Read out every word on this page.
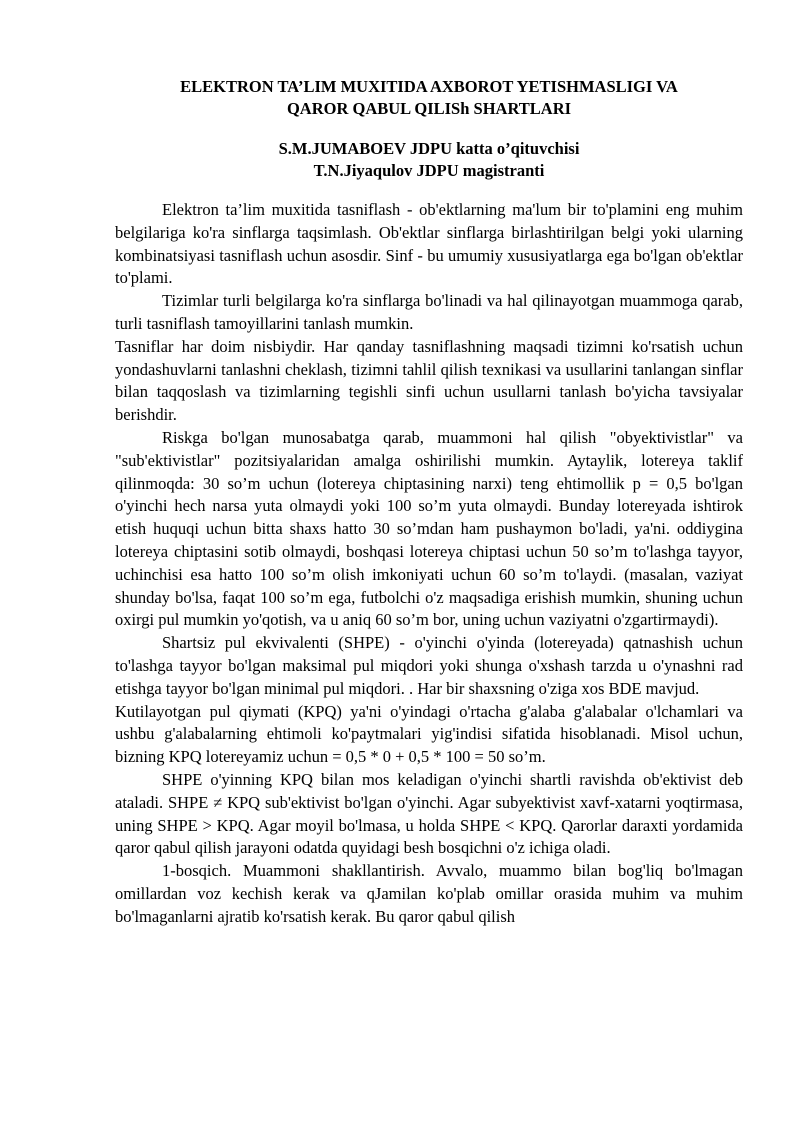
ELEKTRON TA’LIM MUXITIDA AXBOROT YETISHMASLIGI VA
QAROR QABUL QILISh SHARTLARI
S.M.JUMABOEV JDPU katta o’qituvchisi
T.N.Jiyaqulov JDPU magistranti

Elektron ta’lim muxitida tasniflash - ob'ektlarning ma'lum bir to'plamini eng muhim belgilariga ko'ra sinflarga taqsimlash. Ob'ektlar sinflarga birlashtirilgan belgi yoki ularning kombinatsiyasi tasniflash uchun asosdir. Sinf - bu umumiy xususiyatlarga ega bo'lgan ob'ektlar to'plami.

Tizimlar turli belgilarga ko'ra sinflarga bo'linadi va hal qilinayotgan muammoga qarab, turli tasniflash tamoyillarini tanlash mumkin.

Tasniflar har doim nisbiydir. Har qanday tasniflashning maqsadi tizimni ko'rsatish uchun yondashuvlarni tanlashni cheklash, tizimni tahlil qilish texnikasi va usullarini tanlangan sinflar bilan taqqoslash va tizimlarning tegishli sinfi uchun usullarni tanlash bo'yicha tavsiyalar berishdir.

Riskga bo'lgan munosabatga qarab, muammoni hal qilish "obyektivistlar" va "sub'ektivistlar" pozitsiyalaridan amalga oshirilishi mumkin. Aytaylik, lotereya taklif qilinmoqda: 30 so’m uchun (lotereya chiptasining narxi) teng ehtimollik p = 0,5 bo'lgan o'yinchi hech narsa yuta olmaydi yoki 100 so’m yuta olmaydi. Bunday lotereyada ishtirok etish huquqi uchun bitta shaxs hatto 30 so’mdan ham pushaymon bo'ladi, ya'ni. oddiygina lotereya chiptasini sotib olmaydi, boshqasi lotereya chiptasi uchun 50 so’m to'lashga tayyor, uchinchisi esa hatto 100 so’m olish imkoniyati uchun 60 so’m to'laydi. (masalan, vaziyat shunday bo'lsa, faqat 100 so’m ega, futbolchi o'z maqsadiga erishish mumkin, shuning uchun oxirgi pul mumkin yo'qotish, va u aniq 60 so’m bor, uning uchun vaziyatni o'zgartirmaydi).

Shartsiz pul ekvivalenti (SHPE) - o'yinchi o'yinda (lotereyada) qatnashish uchun to'lashga tayyor bo'lgan maksimal pul miqdori yoki shunga o'xshash tarzda u o'ynashni rad etishga tayyor bo'lgan minimal pul miqdori. . Har bir shaxsning o'ziga xos BDE mavjud.

Kutilayotgan pul qiymati (KPQ) ya'ni o'yindagi o'rtacha g'alaba g'alabalar o'lchamlari va ushbu g'alabalarning ehtimoli ko'paytmalari yig'indisi sifatida hisoblanadi. Misol uchun, bizning KPQ lotereyamiz uchun = 0,5 * 0 + 0,5 * 100 = 50 so’m.

SHPE o'yinning KPQ bilan mos keladigan o'yinchi shartli ravishda ob'ektivist deb ataladi. SHPE ≠ KPQ sub'ektivist bo'lgan o'yinchi. Agar subyektivist xavf-xatarni yoqtirmasa, uning SHPE > KPQ. Agar moyil bo'lmasa, u holda SHPE < KPQ. Qarorlar daraxti yordamida qaror qabul qilish jarayoni odatda quyidagi besh bosqichni o'z ichiga oladi.

1-bosqich. Muammoni shakllantirish. Avvalo, muammo bilan bog'liq bo'lmagan omillardan voz kechish kerak va qJamilan ko'plab omillar orasida muhim va muhim bo'lmaganlarni ajratib ko'rsatish kerak. Bu qaror qabul qilish
